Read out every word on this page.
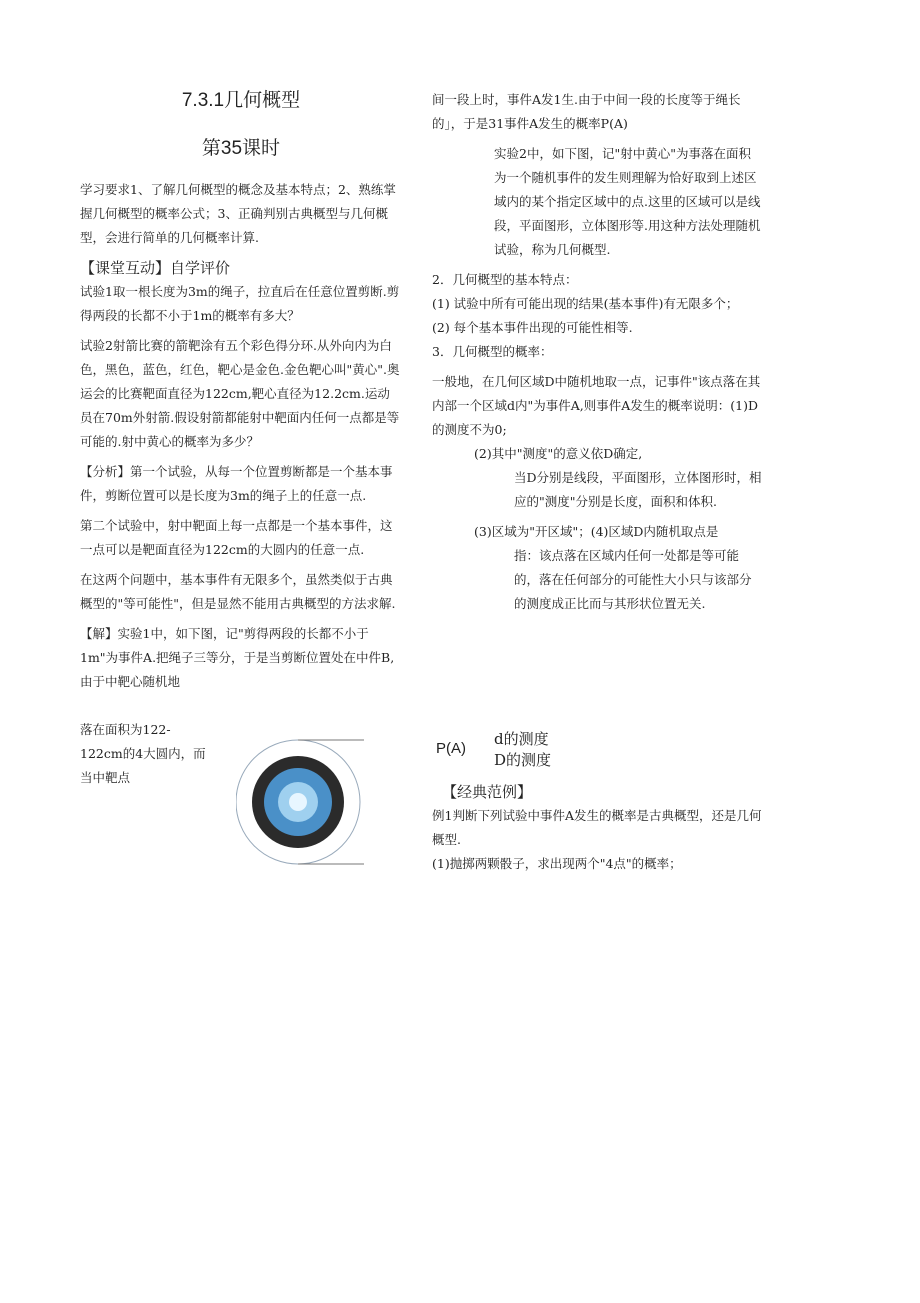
7.3.1几何概型

第35课时

学习要求1、了解几何概型的概念及基本特点；2、熟练掌握几何概型的概率公式；3、正确判别古典概型与几何概型，会进行简单的几何概率计算.

【课堂互动】自学评价

试验1取一根长度为3m的绳子，拉直后在任意位置剪断.剪得两段的长都不小于1m的概率有多大？

试验2射箭比赛的箭靶涂有五个彩色得分环.从外向内为白色，黑色，蓝色，红色，靶心是金色.金色靶心叫"黄心".奥运会的比赛靶面直径为122cm,靶心直径为12.2cm.运动员在70m外射箭.假设射箭都能射中靶面内任何一点都是等可能的.射中黄心的概率为多少？

【分析】第一个试验，从每一个位置剪断都是一个基本事件，剪断位置可以是长度为3m的绳子上的任意一点.

第二个试验中，射中靶面上每一点都是一个基本事件，这一点可以是靶面直径为122cm的大圆内的任意一点.

在这两个问题中，基本事件有无限多个，虽然类似于古典概型的"等可能性"，但是显然不能用古典概型的方法求解.

【解】实验1中，如下图，记"剪得两段的长都不小于1m"为事件A.把绳子三等分，于是当剪断位置处在中件B,由于中靶心随机地

落在面积为122-

122cm的4大圆内，而

当中靶点

间一段上时，事件A发1生.由于中间一段的长度等于绳长的」，于是31事件A发生的概率P(A)

实验2中，如下图，记"射中黄心"为事落在面积为一个随机事件的发生则理解为恰好取到上述区域内的某个指定区域中的点.这里的区域可以是线段，平面图形，立体图形等.用这种方法处理随机试验，称为几何概型.

2．几何概型的基本特点：

(1) 试验中所有可能出现的结果(基本事件)有无限多个；

(2) 每个基本事件出现的可能性相等.

3．几何概型的概率：

一般地，在几何区域D中随机地取一点，记事件"该点落在其内部一个区域d内"为事件A,则事件A发生的概率说明：(1)D的测度不为0;

(2)其中"测度"的意义依D确定,

当D分别是线段，平面图形，立体图形时，相应的"测度"分别是长度，面积和体积.

(3)区域为"开区域"；(4)区域D内随机取点是

指：该点落在区域内任何一处都是等可能的，落在任何部分的可能性大小只与该部分的测度成正比而与其形状位置无关.

P(A)
d的测度
D的测度

【经典范例】

例1判断下列试验中事件A发生的概率是古典概型，还是几何概型.

(1)抛掷两颗骰子，求出现两个"4点"的概率；
